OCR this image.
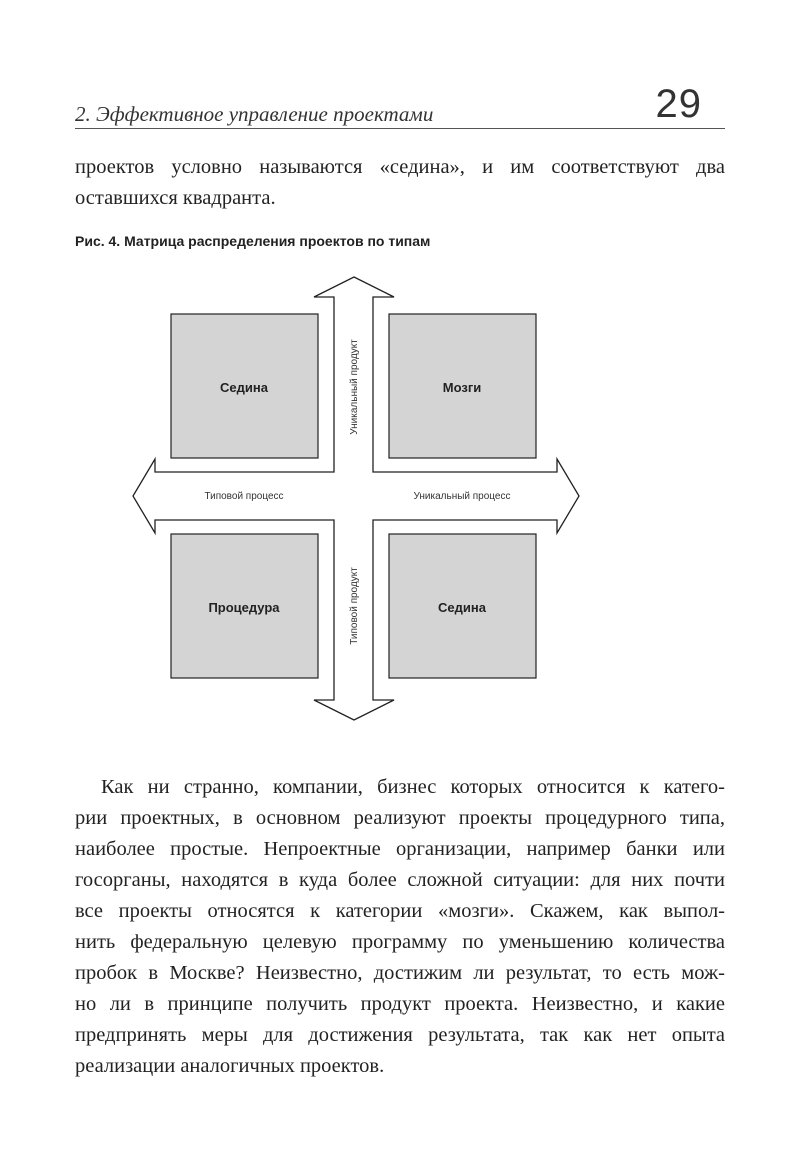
2. Эффективное управление проектами	29
проектов условно называются «седина», и им соответствуют два
оставшихся квадранта.
Рис. 4. Матрица распределения проектов по типам
Седина	Мозги
Процедура	Седина
Типовой процесс	Уникальный процесс
Уникальный продукт
Типовой продукт
Как ни странно, компании, бизнес которых относится к катего-
рии проектных, в основном реализуют проекты процедурного типа,
наиболее простые. Непроектные организации, например банки или
госорганы, находятся в куда более сложной ситуации: для них почти
все проекты относятся к категории «мозги». Скажем, как выпол-
нить федеральную целевую программу по уменьшению количества
пробок в Москве? Неизвестно, достижим ли результат, то есть мож-
но ли в принципе получить продукт проекта. Неизвестно, и какие
предпринять меры для достижения результата, так как нет опыта
реализации аналогичных проектов.
